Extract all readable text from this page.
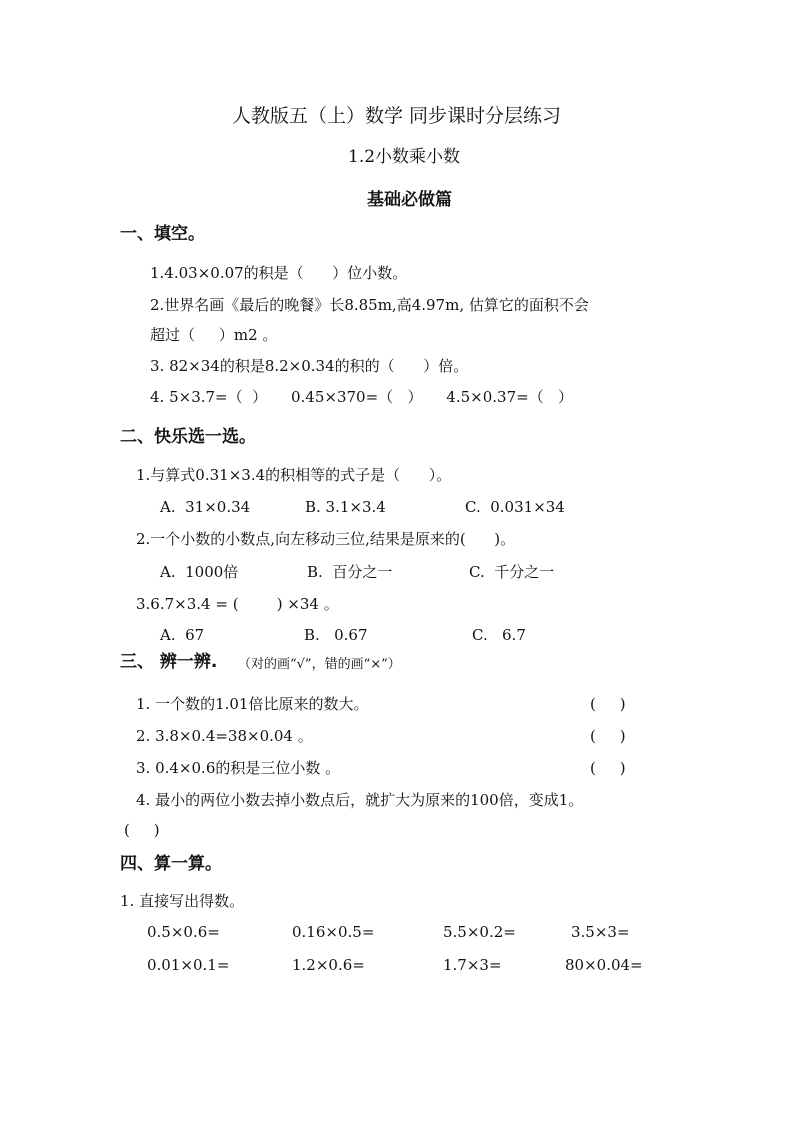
人教版五（上）数学 同步课时分层练习
1.2小数乘小数
基础必做篇
一、填空。
1.4.03×0.07的积是（      ）位小数。
2.世界名画《最后的晚餐》长8.85m,高4.97m, 估算它的面积不会
超过（     ）m2 。
3. 82×34的积是8.2×0.34的积的（      ）倍。
4. 5×3.7=（  ）     0.45×370=（   ）     4.5×0.37=（   ）
二、快乐选一选。
1.与算式0.31×3.4的积相等的式子是（      ）。
A.  31×0.34	B. 3.1×3.4	C.  0.031×34
2.一个小数的小数点,向左移动三位,结果是原来的(      )。
A.  1000倍	B.  百分之一	C.  千分之一
3.6.7×3.4 = (        ) ×34 。
A.  67	B.   0.67	C.   6.7
三、 辨一辨. （对的画“√”，错的画“×”）
1. 一个数的1.01倍比原来的数大。	(     )
2. 3.8×0.4=38×0.04 。	(     )
3. 0.4×0.6的积是三位小数 。	(     )
4. 最小的两位小数去掉小数点后，就扩大为原来的100倍，变成1。
(     )
四、算一算。
1. 直接写出得数。
0.5×0.6=	0.16×0.5=	5.5×0.2=	3.5×3=
0.01×0.1=	1.2×0.6=	1.7×3=	80×0.04=
